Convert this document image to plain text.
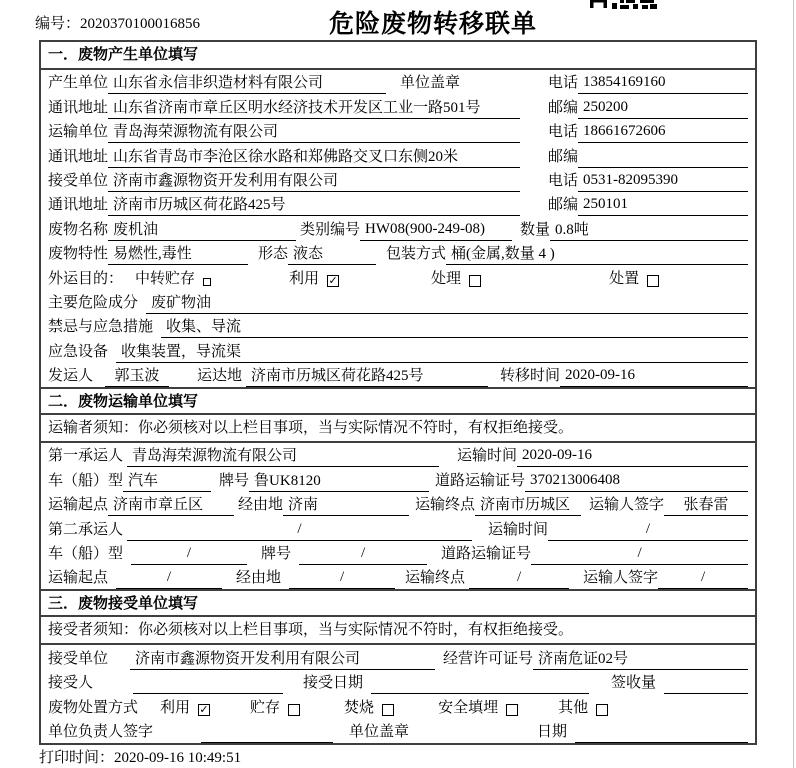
编号：2020370100016856	危险废物转移联单
一．废物产生单位填写
产生单位 山东省永信非织造材料有限公司	单位盖章	电话 13854169160
通讯地址 山东省济南市章丘区明水经济技术开发区工业一路501号	邮编 250200
运输单位 青岛海荣源物流有限公司	电话 18661672606
通讯地址 山东省青岛市李沧区徐水路和郑佛路交叉口东侧20米	邮编
接受单位 济南市鑫源物资开发利用有限公司	电话 0531-82095390
通讯地址 济南市历城区荷花路425号	邮编 250101
废物名称 废机油	类别编号 HW08(900-249-08)	数量 0.8吨
废物特性 易燃性,毒性	形态 液态	包装方式 桶(金属,数量 4 )
外运目的： 中转贮存	利用 ✓	处理	处置
主要危险成分 废矿物油
禁忌与应急措施 收集、导流
应急设备 收集装置，导流渠
发运人	郭玉波	运达地 济南市历城区荷花路425号	转移时间 2020-09-16
二．废物运输单位填写
运输者须知：你必须核对以上栏目事项，当与实际情况不符时，有权拒绝接受。
第一承运人 青岛海荣源物流有限公司	运输时间 2020-09-16
车（船）型 汽车	牌号 鲁UK8120	道路运输证号 370213006408
运输起点 济南市章丘区	经由地 济南	运输终点 济南市历城区	运输人签字	张春雷
第二承运人	/	运输时间	/
车（船）型	/	牌号	/	道路运输证号	/
运输起点	/	经由地	/	运输终点	/	运输人签字	/
三．废物接受单位填写
接受者须知：你必须核对以上栏目事项，当与实际情况不符时，有权拒绝接受。
接受单位	济南市鑫源物资开发利用有限公司	经营许可证号 济南危证02号
接受人	接受日期	签收量
废物处置方式 利用 ✓	贮存	焚烧	安全填埋	其他
单位负责人签字	单位盖章	日期
打印时间：2020-09-16 10:49:51
